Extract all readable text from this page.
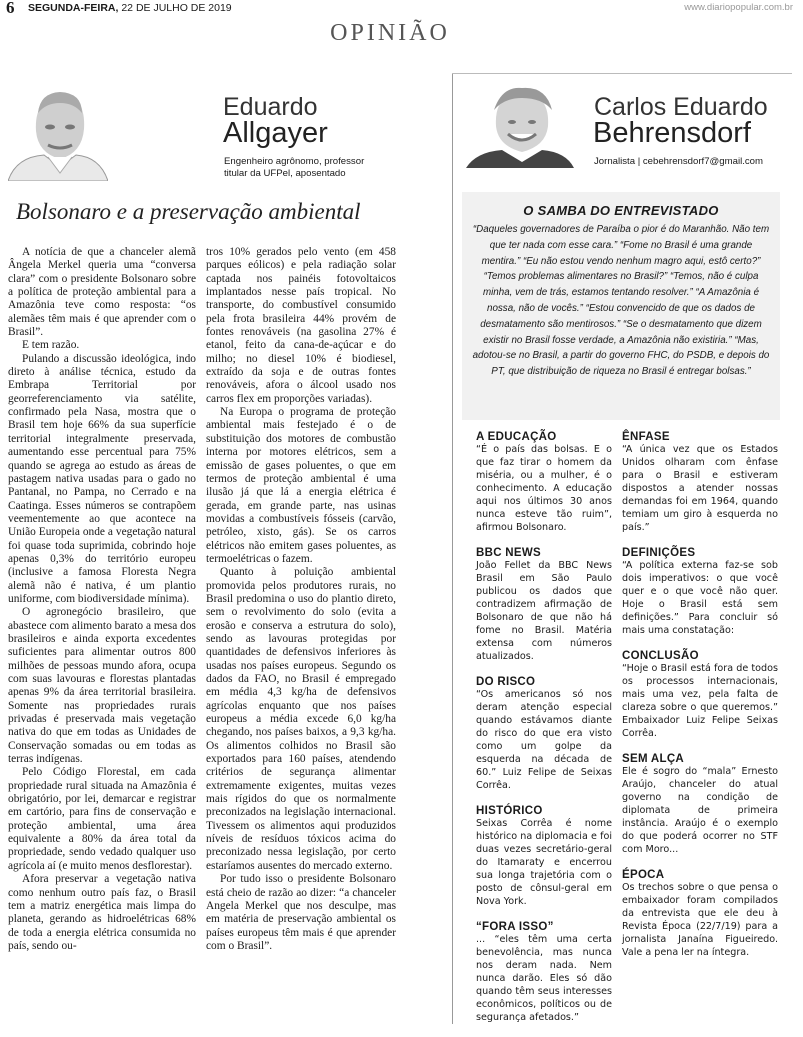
6 SEGUNDA-FEIRA, 22 DE JULHO DE 2019	www.diariopopular.com.br
OPINIÃO
Eduardo
Allgayer
Engenheiro agrônomo, professor
titular da UFPel, aposentado
Carlos Eduardo
Behrensdorf
Jornalista | cebehrensdorf7@gmail.com
Bolsonaro e a preservação ambiental

A notícia de que a chanceler alemã Ângela Merkel queria uma “conversa clara” com o presidente Bolsonaro sobre a política de proteção ambiental para a Amazônia teve como resposta: “os alemães têm mais é que aprender com o Brasil”.

E tem razão.

Pulando a discussão ideológica, indo direto à análise técnica, estudo da Embrapa Territorial por georreferenciamento via satélite, confirmado pela Nasa, mostra que o Brasil tem hoje 66% da sua superfície territorial integralmente preservada, aumentando esse percentual para 75% quando se agrega ao estudo as áreas de pastagem nativa usadas para o gado no Pantanal, no Pampa, no Cerrado e na Caatinga. Esses números se contrapõem veementemente ao que acontece na União Europeia onde a vegetação natural foi quase toda suprimida, cobrindo hoje apenas 0,3% do território europeu (inclusive a famosa Floresta Negra alemã não é nativa, é um plantio uniforme, com biodiversidade mínima).

O agronegócio brasileiro, que abastece com alimento barato a mesa dos brasileiros e ainda exporta excedentes suficientes para alimentar outros 800 milhões de pessoas mundo afora, ocupa com suas lavouras e florestas plantadas apenas 9% da área territorial brasileira. Somente nas propriedades rurais privadas é preservada mais vegetação nativa do que em todas as Unidades de Conservação somadas ou em todas as terras indígenas.

Pelo Código Florestal, em cada propriedade rural situada na Amazônia é obrigatório, por lei, demarcar e registrar em cartório, para fins de conservação e proteção ambiental, uma área equivalente a 80% da área total da propriedade, sendo vedado qualquer uso agrícola aí (e muito menos desflorestar).

Afora preservar a vegetação nativa como nenhum outro país faz, o Brasil tem a matriz energética mais limpa do planeta, gerando as hidroelétricas 68% de toda a energia elétrica consumida no país, sendo ou-

tros 10% gerados pelo vento (em 458 parques eólicos) e pela radiação solar captada nos painéis fotovoltaicos implantados nesse país tropical. No transporte, do combustível consumido pela frota brasileira 44% provém de fontes renováveis (na gasolina 27% é etanol, feito da cana-de-açúcar e do milho; no diesel 10% é biodiesel, extraído da soja e de outras fontes renováveis, afora o álcool usado nos carros flex em proporções variadas).

Na Europa o programa de proteção ambiental mais festejado é o de substituição dos motores de combustão interna por motores elétricos, sem a emissão de gases poluentes, o que em termos de proteção ambiental é uma ilusão já que lá a energia elétrica é gerada, em grande parte, nas usinas movidas a combustíveis fósseis (carvão, petróleo, xisto, gás). Se os carros elétricos não emitem gases poluentes, as termoelétricas o fazem.

Quanto à poluição ambiental promovida pelos produtores rurais, no Brasil predomina o uso do plantio direto, sem o revolvimento do solo (evita a erosão e conserva a estrutura do solo), sendo as lavouras protegidas por quantidades de defensivos inferiores às usadas nos países europeus. Segundo os dados da FAO, no Brasil é empregado em média 4,3 kg/ha de defensivos agrícolas enquanto que nos países europeus a média excede 6,0 kg/ha chegando, nos países baixos, a 9,3 kg/ha. Os alimentos colhidos no Brasil são exportados para 160 países, atendendo critérios de segurança alimentar extremamente exigentes, muitas vezes mais rígidos do que os normalmente preconizados na legislação internacional. Tivessem os alimentos aqui produzidos níveis de resíduos tóxicos acima do preconizado nessa legislação, por certo estaríamos ausentes do mercado externo.

Por tudo isso o presidente Bolsonaro está cheio de razão ao dizer: “a chanceler Angela Merkel que nos desculpe, mas em matéria de preservação ambiental os países europeus têm mais é que aprender com o Brasil”.

O SAMBA DO ENTREVISTADO
“Daqueles governadores de Paraíba o pior é do Maranhão. Não tem que ter nada com esse cara.” “Fome no Brasil é uma grande mentira.” “Eu não estou vendo nenhum magro aqui, estô certo?” “Temos problemas alimentares no Brasil?” “Temos, não é culpa minha, vem de trás, estamos tentando resolver.” “A Amazônia é nossa, não de vocês.” “Estou convencido de que os dados de desmatamento são mentirosos.” “Se o desmatamento que dizem existir no Brasil fosse verdade, a Amazônia não existiria.” “Mas, adotou-se no Brasil, a partir do governo FHC, do PSDB, e depois do PT, que distribuição de riqueza no Brasil é entregar bolsas.”

A EDUCAÇÃO

“É o país das bolsas. E o que faz tirar o homem da miséria, ou a mulher, é o conhecimento. A educação aqui nos últimos 30 anos nunca esteve tão ruim”, afirmou Bolsonaro.

BBC NEWS

João Fellet da BBC News Brasil em São Paulo publicou os dados que contradizem afirmação de Bolsonaro de que não há fome no Brasil. Matéria extensa com números atualizados.

DO RISCO

“Os americanos só nos deram atenção especial quando estávamos diante do risco do que era visto como um golpe da esquerda na década de 60.” Luiz Felipe de Seixas Corrêa.

HISTÓRICO

Seixas Corrêa é nome histórico na diplomacia e foi duas vezes secretário-geral do Itamaraty e encerrou sua longa trajetória com o posto de cônsul-geral em Nova York.

“FORA ISSO”

... “eles têm uma certa benevolência, mas nunca nos deram nada. Nem nunca darão. Eles só dão quando têm seus interesses econômicos, políticos ou de segurança afetados.”

ÊNFASE

“A única vez que os Estados Unidos olharam com ênfase para o Brasil e estiveram dispostos a atender nossas demandas foi em 1964, quando temiam um giro à esquerda no país.”

DEFINIÇÕES

“A política externa faz-se sob dois imperativos: o que você quer e o que você não quer. Hoje o Brasil está sem definições.” Para concluir só mais uma constatação:

CONCLUSÃO

“Hoje o Brasil está fora de todos os processos internacionais, mais uma vez, pela falta de clareza sobre o que queremos.” Embaixador Luiz Felipe Seixas Corrêa.

SEM ALÇA

Ele é sogro do “mala” Ernesto Araújo, chanceler do atual governo na condição de diplomata de primeira instância. Araújo é o exemplo do que poderá ocorrer no STF com Moro...

ÉPOCA

Os trechos sobre o que pensa o embaixador foram compilados da entrevista que ele deu à Revista Época (22/7/19) para a jornalista Janaína Figueiredo. Vale a pena ler na íntegra.
